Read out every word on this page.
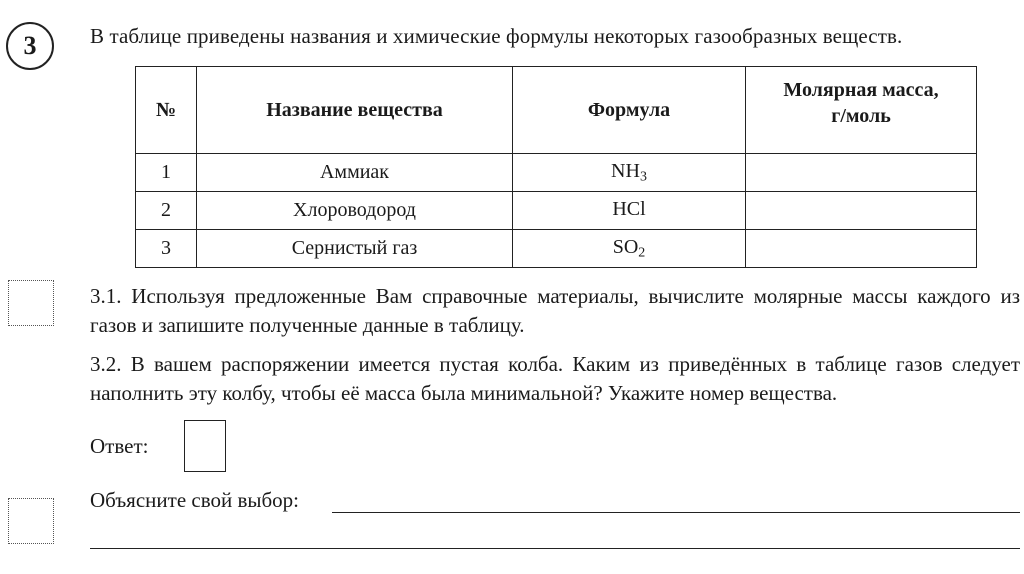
3	В таблице приведены названия и химические формулы некоторых газообразных веществ.
№	Название вещества	Формула	Молярная масса,
г/моль
1	Аммиак	$NH_3$	
2	Хлороводород	HCl	
3	Сернистый газ	$SO_2$	
3.1. Используя предложенные Вам справочные материалы, вычислите молярные массы каждого из газов и запишите полученные данные в таблицу.
3.2. В вашем распоряжении имеется пустая колба. Каким из приведённых в таблице газов следует наполнить эту колбу, чтобы её масса была минимальной? Укажите номер вещества.
Ответ:
Объясните свой выбор:
